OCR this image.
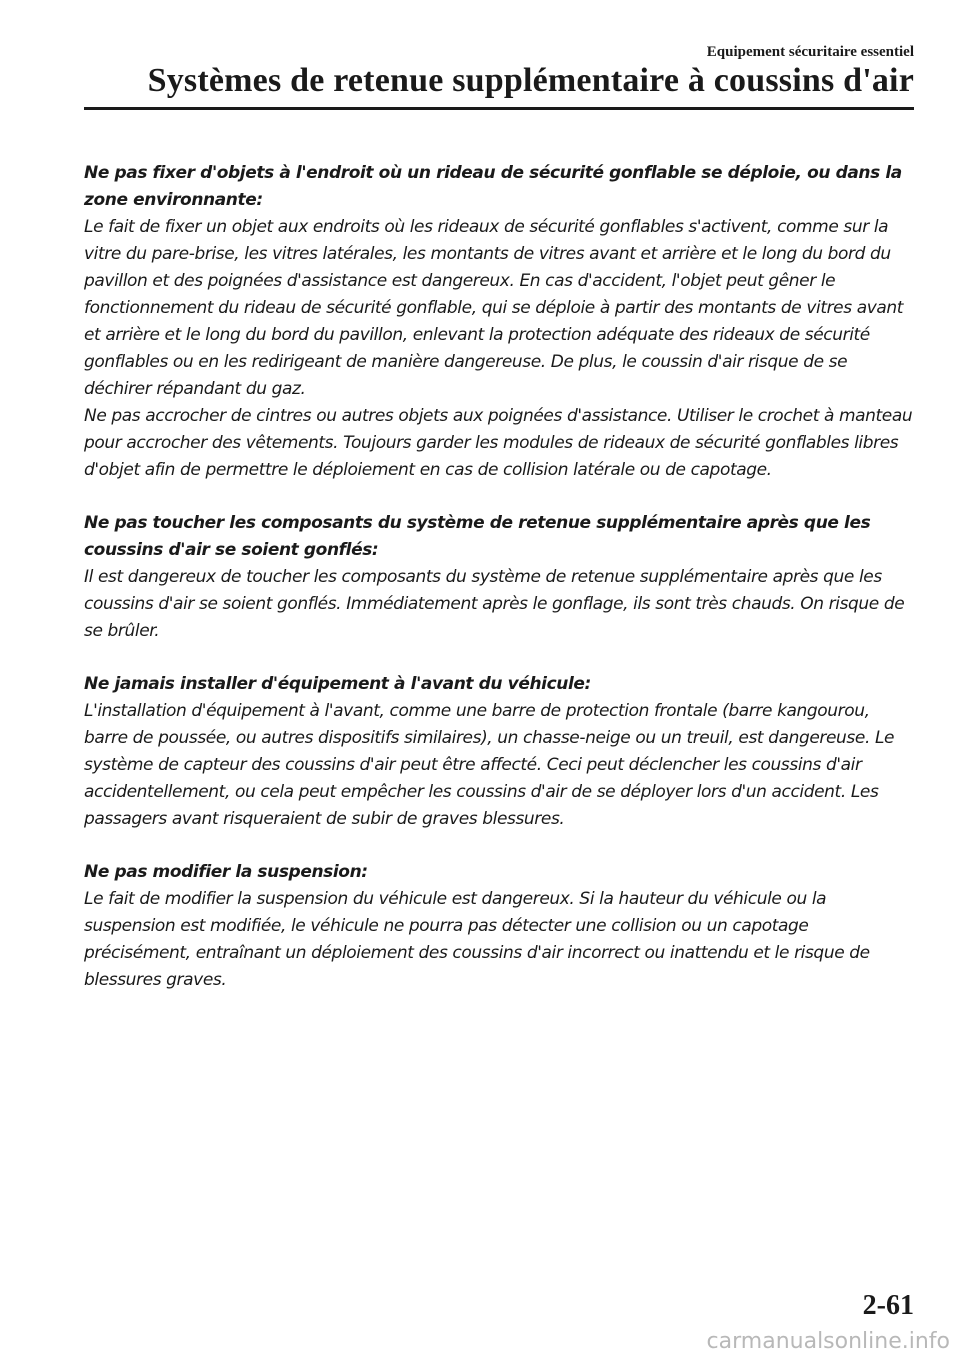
Equipement sécuritaire essentiel
Systèmes de retenue supplémentaire à coussins d'air
Ne pas fixer d'objets à l'endroit où un rideau de sécurité gonflable se déploie, ou dans la zone environnante:
Le fait de fixer un objet aux endroits où les rideaux de sécurité gonflables s'activent, comme sur la vitre du pare-brise, les vitres latérales, les montants de vitres avant et arrière et le long du bord du pavillon et des poignées d'assistance est dangereux. En cas d'accident, l'objet peut gêner le fonctionnement du rideau de sécurité gonflable, qui se déploie à partir des montants de vitres avant et arrière et le long du bord du pavillon, enlevant la protection adéquate des rideaux de sécurité gonflables ou en les redirigeant de manière dangereuse. De plus, le coussin d'air risque de se déchirer répandant du gaz.
Ne pas accrocher de cintres ou autres objets aux poignées d'assistance. Utiliser le crochet à manteau pour accrocher des vêtements. Toujours garder les modules de rideaux de sécurité gonflables libres d'objet afin de permettre le déploiement en cas de collision latérale ou de capotage.
Ne pas toucher les composants du système de retenue supplémentaire après que les coussins d'air se soient gonflés:
Il est dangereux de toucher les composants du système de retenue supplémentaire après que les coussins d'air se soient gonflés. Immédiatement après le gonflage, ils sont très chauds. On risque de se brûler.
Ne jamais installer d'équipement à l'avant du véhicule:
L'installation d'équipement à l'avant, comme une barre de protection frontale (barre kangourou, barre de poussée, ou autres dispositifs similaires), un chasse-neige ou un treuil, est dangereuse. Le système de capteur des coussins d'air peut être affecté. Ceci peut déclencher les coussins d'air accidentellement, ou cela peut empêcher les coussins d'air de se déployer lors d'un accident. Les passagers avant risqueraient de subir de graves blessures.
Ne pas modifier la suspension:
Le fait de modifier la suspension du véhicule est dangereux. Si la hauteur du véhicule ou la suspension est modifiée, le véhicule ne pourra pas détecter une collision ou un capotage précisément, entraînant un déploiement des coussins d'air incorrect ou inattendu et le risque de blessures graves.
2-61
carmanualsonline.info
